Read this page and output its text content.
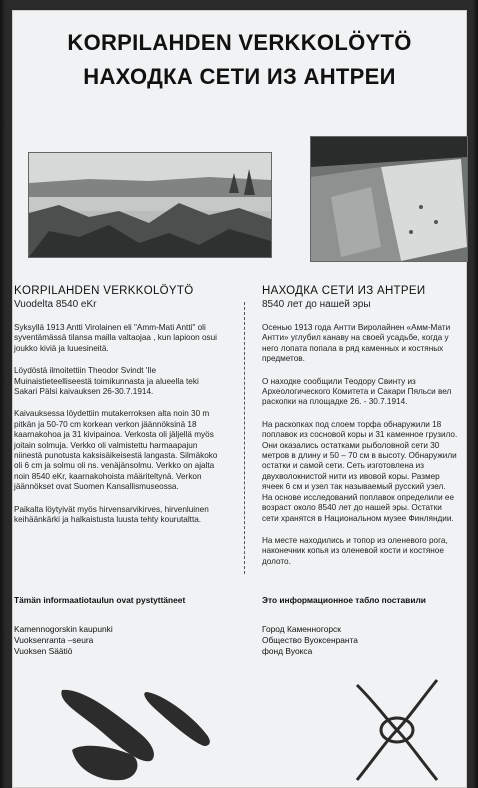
KORPILAHDEN VERKKOLÖYTÖ
НАХОДКА СЕТИ ИЗ АНТРЕИ
KORPILAHDEN VERKKOLÖYTÖ
Vuodelta 8540 eKr

Syksyllä 1913 Antti Virolainen eli "Amm-Mati Antti" oli syventämässä tilansa mailla valtaojaa , kun lapioon osui joukko kiviä ja luuesineitä.

Löydöstä ilmoitettiin Theodor Svindt 'Ile Muinaistieteelliseestä toimikunnasta ja alueella teki Sakari Pälsi kaivauksen 26-30.7.1914.

Kaivauksessa löydettiin mutakerroksen alta noin 30 m pitkän ja 50-70 cm korkean verkon jäännöksinä 18 kaarnakohoa ja 31 kivipainoa. Verkosta oli jäljellä myös joitain solmuja. Verkko oli valmistettu harmaapajun niinestä punotusta kaksisäikeisestä langasta. Silmäkoko oli 6 cm ja solmu oli ns. venäjänsolmu. Verkko on ajalta noin 8540 eKr, kaarnakohoista määriteltynä. Verkon jäännökset ovat Suomen Kansallismuseossa.

Paikalta löytyivät myös hirvensarvikirves, hirvenluinen keihäänkärki ja halkaistusta luusta tehty kourutaltta.

НАХОДКА СЕТИ ИЗ АНТРЕИ
8540 лет до нашей эры

Осенью 1913 года Антти Виролайнен «Амм-Мати Антти» углубил канаву на своей усадьбе, когда у него лопата попала в ряд каменных и костяных предметов.

О находке сообщили Теодору Свинту из Археологического Комитета и Сакари Пяльси вел раскопки на площадке 26. - 30.7.1914.

На раскопках под слоем торфа обнаружили 18 поплавок из сосновой коры и 31 каменное грузило. Они оказались остатками рыболовной сети 30 метров в длину и 50 – 70 см в высоту. Обнаружили остатки и самой сети. Сеть изготовлена из двухволокнистой нити из ивовой коры. Размер ячеек 6 см и узел так называемый русский узел. На основе исследований поплавок определили ее возраст около 8540 лет до нашей эры. Остатки сети хранятся в Национальном музее Финляндии.

На месте находились и топор из оленевого рога, наконечник копья из оленевой кости и костяное долото.

Tämän informaatiotaulun ovat pystyttäneet
Kamennogorskin kaupunki
Vuoksenranta –seura
Vuoksen Säätiö
Это информационное табло поставили
Город Каменногорск
Общество Вуоксенранта
фонд Вуокса
